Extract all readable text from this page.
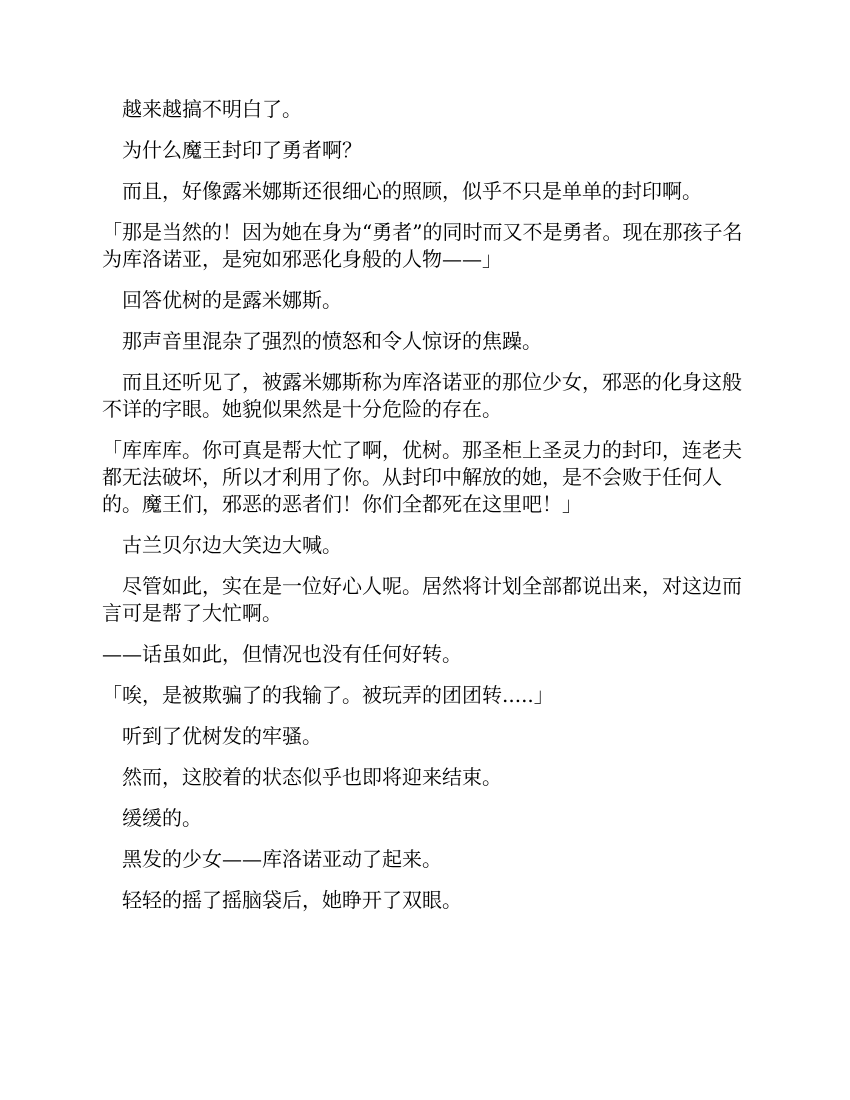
越来越搞不明白了。

为什么魔王封印了勇者啊？

而且，好像露米娜斯还很细心的照顾，似乎不只是单单的封印啊。

「那是当然的！因为她在身为“勇者”的同时而又不是勇者。现在那孩子名为库洛诺亚，是宛如邪恶化身般的人物——」

回答优树的是露米娜斯。

那声音里混杂了强烈的愤怒和令人惊讶的焦躁。

而且还听见了，被露米娜斯称为库洛诺亚的那位少女，邪恶的化身这般不详的字眼。她貌似果然是十分危险的存在。

「库库库。你可真是帮大忙了啊，优树。那圣柜上圣灵力的封印，连老夫都无法破坏，所以才利用了你。从封印中解放的她，是不会败于任何人的。魔王们，邪恶的恶者们！你们全都死在这里吧！」

古兰贝尔边大笑边大喊。

尽管如此，实在是一位好心人呢。居然将计划全部都说出来，对这边而言可是帮了大忙啊。

——话虽如此，但情况也没有任何好转。

「唉，是被欺骗了的我输了。被玩弄的团团转.....」

听到了优树发的牢骚。

然而，这胶着的状态似乎也即将迎来结束。

缓缓的。

黑发的少女——库洛诺亚动了起来。

轻轻的摇了摇脑袋后，她睁开了双眼。
